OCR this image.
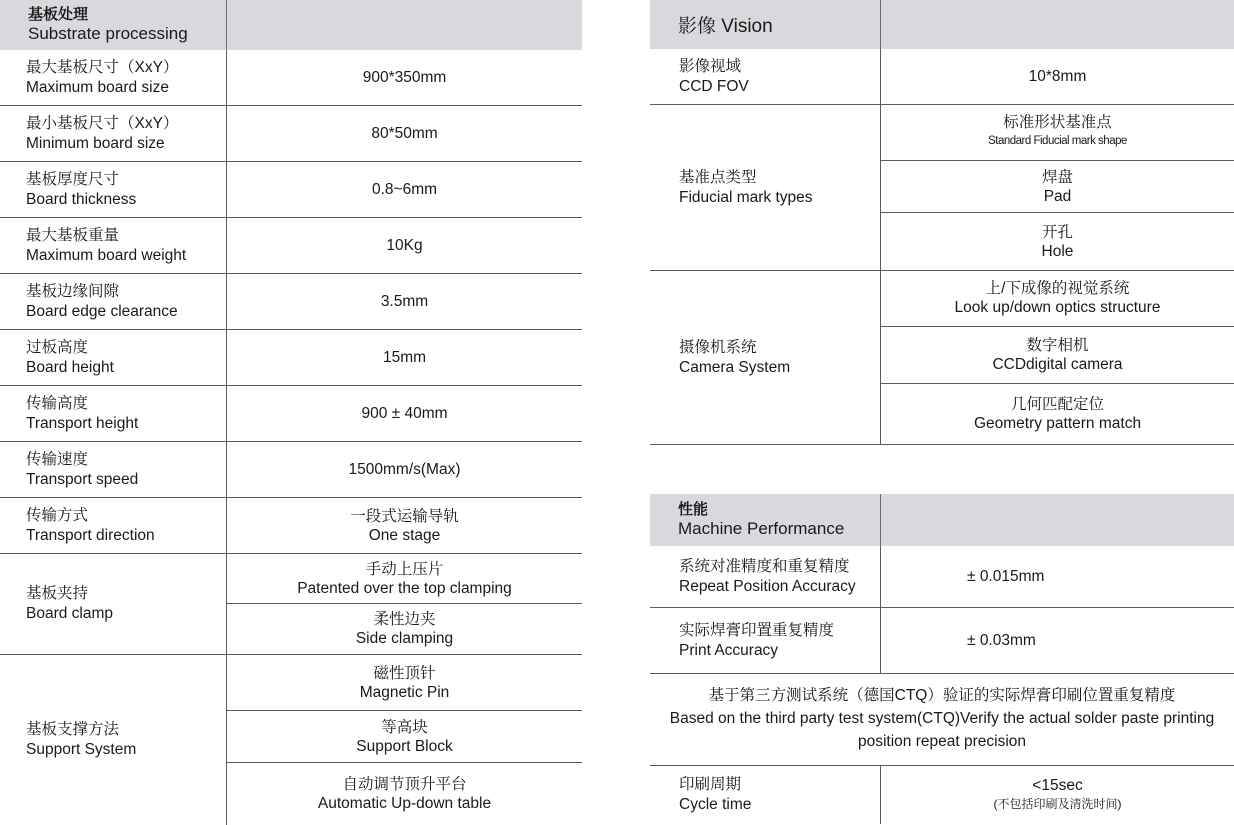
基板处理
Substrate processing
最大基板尺寸（XxY）
Maximum board size
900*350mm
最小基板尺寸（XxY）
Minimum board size
80*50mm
基板厚度尺寸
Board thickness
0.8~6mm
最大基板重量
Maximum board weight
10Kg
基板边缘间隙
Board edge clearance
3.5mm
过板高度
Board height
15mm
传输高度
Transport height
900 ± 40mm
传输速度
Transport speed
1500mm/s(Max)
传输方式
Transport direction
一段式运输导轨
One stage
基板夹持
Board clamp
手动上压片
Patented over the top clamping
柔性边夹
Side clamping
基板支撑方法
Support System
磁性顶针
Magnetic Pin
等高块
Support Block
自动调节顶升平台
Automatic Up-down table
影像 Vision
影像视域
CCD FOV
10*8mm
基准点类型
Fiducial mark types
标准形状基准点
Standard Fiducial mark shape
焊盘
Pad
开孔
Hole
摄像机系统
Camera System
上/下成像的视觉系统
Look up/down optics structure
数字相机
CCDdigital camera
几何匹配定位
Geometry pattern match
性能
Machine Performance
系统对准精度和重复精度
Repeat Position Accuracy
± 0.015mm
实际焊膏印置重复精度
Print Accuracy
± 0.03mm
基于第三方测试系统（德国CTQ）验证的实际焊膏印刷位置重复精度
Based on the third party test system(CTQ)Verify the actual solder paste printing position repeat precision
印刷周期
Cycle time
<15sec
(不包括印刷及清洗时间)
